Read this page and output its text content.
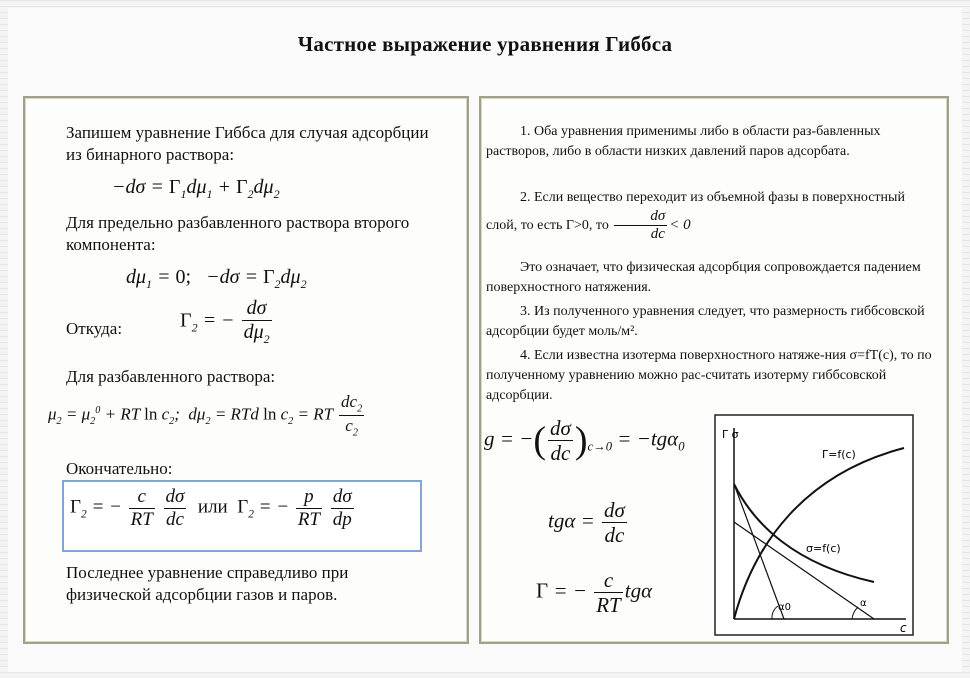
Частное выражение уравнения Гиббса
Запишем уравнение Гиббса для случая адсорбции из бинарного раствора:
$-d\sigma = \Gamma_1d\mu_1 + \Gamma_2d\mu_2$
Для предельно разбавленного раствора второго компонента:
$d\mu_1 = 0$;   $-d\sigma = \Gamma_2d\mu_2$
Откуда:	$\Gamma_2$ = − $\frac{d\sigma}{d\mu_2}$
Для разбавленного раствора:
$\mu_2 = \mu_2^0$ + RT $\ln c_2$;  $d\mu_2$ = RTd $\ln c_2$ = RT $\frac{dc_2}{c_2}$
Окончательно:
$\Gamma_2$ = − $\frac{c}{RT}$
$\frac{d\sigma}{dc}$ или $\Gamma_2$ = − $\frac{p}{RT}$
$\frac{d\sigma}{dp}$
Последнее уравнение справедливо при физической адсорбции газов и паров.
1. Оба уравнения применимы либо в области раз-бавленных растворов, либо в области низких давлений паров адсорбата.
2. Если вещество переходит из объемной фазы в поверхностный слой, то есть Γ>0, то $\frac{d\sigma}{dc} < 0$
Это означает, что физическая адсорбция сопровождается падением поверхностного натяжения.
3. Из полученного уравнения следует, что размерность гиббсовской адсорбции будет моль/м².
4. Если известна изотерма поверхностного натяже-ния σ=fT(c), то по полученному уравнению можно рас-считать изотерму гиббсовской адсорбции.
g = −( $\frac{d\sigma}{dc} )_{c\to 0} = -tg\alpha_0$
$tg\alpha = \frac{d\sigma}{dc}$
Γ = − $\frac{c}{RT}$ tgα
Γ σ
c
Γ=f(c)
σ=f(c)
α0	α
